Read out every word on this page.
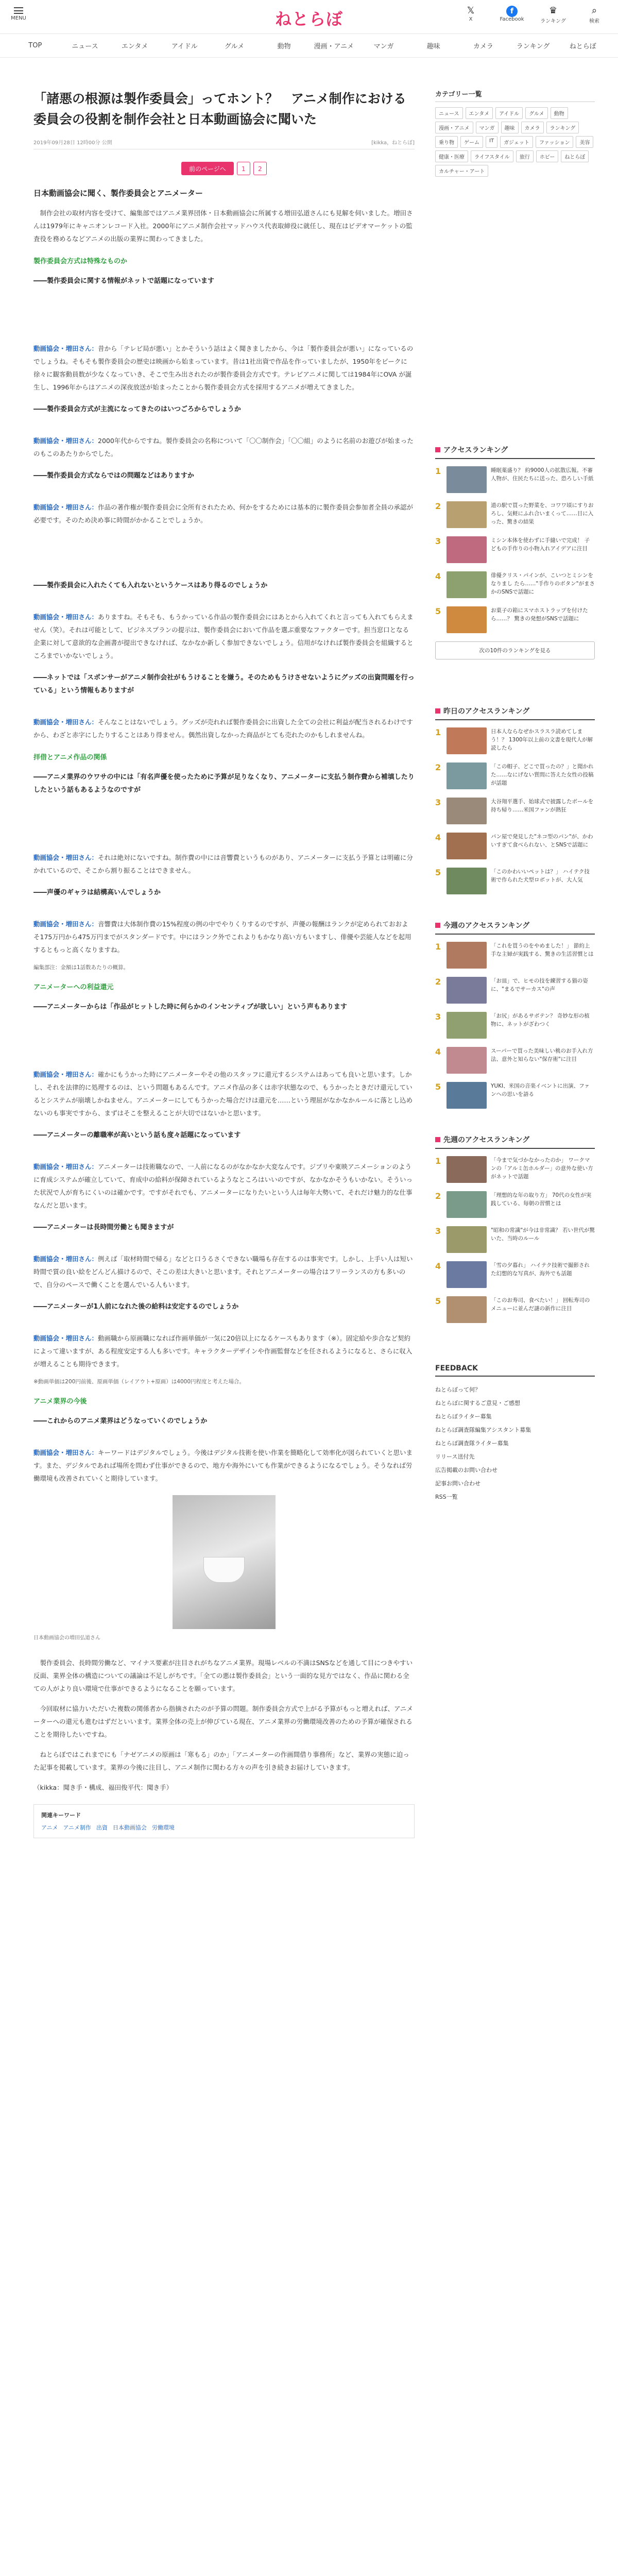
MENU	ねとらぼ	𝕏
X
f
Facebook
♛
ランキング
⌕
検索
TOP	ニュース	エンタメ	アイドル	グルメ	動物	漫画・アニメ	マンガ	趣味	カメラ	ランキング	ねとらぼ
「諸悪の根源は製作委員会」ってホント？　アニメ制作における委員会の役割を制作会社と日本動画協会に聞いた
2019年09月28日 12時00分 公開	[kikka，ねとらぼ]
前のページへ	1	2
日本動画協会に聞く、製作委員会とアニメーター

　制作会社の取材内容を受けて、編集部ではアニメ業界団体・日本動画協会に所属する増田弘道さんにも見解を伺いました。増田さんは1979年にキャニオンレコード入社。2000年にアニメ制作会社マッドハウス代表取締役に就任し、現在はビデオマーケットの監査役を務めるなどアニメの出版の業界に関わってきました。

製作委員会方式は特殊なものか
――製作委員会に関する情報がネットで話題になっています

動画協会・増田さん：昔から「テレビ局が悪い」とかそういう話はよく聞きましたから、今は「製作委員会が悪い」になっているのでしょうね。そもそも製作委員会の歴史は映画から始まっています。昔は1社出資で作品を作っていましたが、1950年をピークに徐々に観客動員数が少なくなっていき、そこで生み出されたのが製作委員会方式です。テレビアニメに関しては1984年にOVA が誕生し、1996年からはアニメの深夜放送が始まったことから製作委員会方式を採用するアニメが増えてきました。

――製作委員会方式が主流になってきたのはいつごろからでしょうか

動画協会・増田さん：2000年代からですね。製作委員会の名称について「〇〇制作会」「〇〇組」のように名前のお遊びが始まったのもこのあたりからでした。

――製作委員会方式ならではの問題などはありますか

動画協会・増田さん：作品の著作権が製作委員会に全所有されたため、何かをするためには基本的に製作委員会参加者全員の承認が必要です。そのため決め事に時間がかかることでしょうか。

――製作委員会に入れたくても入れないというケースはあり得るのでしょうか

動画協会・増田さん：ありますね。そもそも、もうかっている作品の製作委員会にはあとから入れてくれと言っても入れてもらえません（笑）。それは可能として、ビジネスプランの提示は、製作委員会において作品を選ぶ重要なファクターです。担当窓口となる企業に対して意欲的な企画書が提出できなければ、なかなか新しく参加できないでしょう。信用がなければ製作委員会を組織するところまでいかないでしょう。

――ネットでは「スポンサーがアニメ制作会社がもうけることを嫌う。そのためもうけさせないようにグッズの出資問題を行っている」という情報もありますが

動画協会・増田さん：そんなことはないでしょう。グッズが売れれば製作委員会に出資した全ての会社に利益が配当されるわけですから、わざと赤字にしたりすることはあり得ません。偶然出資しなかった商品がとても売れたのかもしれませんね。

拝借とアニメ作品の関係
――アニメ業界のウワサの中には「有名声優を使ったために予算が足りなくなり、アニメーターに支払う制作費から補填したりしたという話もあるようなのですが

動画協会・増田さん：それは絶対にないですね。制作費の中には音響費というものがあり、アニメーターに支払う予算とは明確に分かれているので、そこから割り振ることはできません。

――声優のギャラは結構高いんでしょうか

動画協会・増田さん：音響費は大体制作費の15%程度の例の中でやりくりするのですが、声優の報酬はランクが定められておおよそ175万円から475万円までがスタンダードです。中にはランク外でこれよりもかなり高い方もいますし、俳優や芸能人などを起用するともっと高くなりますね。

編集部注：金額は1話数あたりの概算。
アニメーターへの利益還元
――アニメーターからは「作品がヒットした時に何らかのインセンティブが欲しい」という声もあります

動画協会・増田さん：確かにもうかった時にアニメーターやその他のスタッフに還元するシステムはあっても良いと思います。しかし、それを法律的に処理するのは、という問題もあるんです。アニメ作品の多くは赤字状態なので、もうかったときだけ還元しているとシステムが崩壊しかねません。アニメーターにしてもうかった場合だけは還元を……という理屈がなかなかルールに落とし込めないのも事実ですから、まずはそこを整えることが大切ではないかと思います。

――アニメーターの離職率が高いという話も度々話題になっています

動画協会・増田さん：アニメーターは技術職なので、一人前になるのがなかなか大変なんです。ジブリや東映アニメーションのように育成システムが確立していて、育成中の給料が保障されているようなところはいいのですが、なかなかそうもいかない。そういった状況で人が育ちにくいのは確かです。ですがそれでも、アニメーターになりたいという人は毎年大勢いて、それだけ魅力的な仕事なんだと思います。

――アニメーターは長時間労働とも聞きますが

動画協会・増田さん：例えば「取材時間で帰る」などと口うるさくできない職場も存在するのは事実です。しかし、上手い人は短い時間で質の良い絵をどんどん描けるので、そこの差は大きいと思います。それとアニメーターの場合はフリーランスの方も多いので、自分のペースで働くことを選んでいる人もいます。

――アニメーターが1人前になれた後の給料は安定するのでしょうか

動画協会・増田さん：動画職から原画職になれば作画単価が一気に20倍以上になるケースもあります（※）。固定給や歩合など契約によって違いますが、ある程度安定する人も多いです。キャラクターデザインや作画監督などを任されるようになると、さらに収入が増えることも期待できます。

※動画単価は200円前後、原画単価（レイアウト+原画）は4000円程度と考えた場合。
アニメ業界の今後
――これからのアニメ業界はどうなっていくのでしょうか

動画協会・増田さん：キーワードはデジタルでしょう。今後はデジタル技術を使い作業を簡略化して効率化が図られていくと思います。また、デジタルであれば場所を問わず仕事ができるので、地方や海外にいても作業ができるようになるでしょう。そうなれば労働環境も改善されていくと期待しています。

日本動画協会の増田弘道さん

　製作委員会、長時間労働など、マイナス要素が注目されがちなアニメ業界。現場レベルの不満はSNSなどを通して目につきやすい反面、業界全体の構造についての議論は不足しがちです。「全ての悪は製作委員会」という一面的な見方ではなく、作品に関わる全ての人がより良い環境で仕事ができるようになることを願っています。

　今回取材に協力いただいた複数の関係者から指摘されたのが予算の問題。制作委員会方式で上がる予算がもっと増えれば、アニメーターへの還元も進むはずだといいます。業界全体の売上が伸びている現在、アニメ業界の労働環境改善のための予算が確保されることを期待したいですね。

　ねとらぼではこれまでにも「ナゼアニメの原画は「寒もる」のか」「アニメーターの作画間借り事務所」など、業界の実態に迫った記事を掲載しています。業界の今後に注目し、アニメ制作に関わる方々の声を引き続きお届けしていきます。

（kikka：聞き手・構成、福田俊平代：聞き手）

関連キーワード
アニメ アニメ制作 出資 日本動画協会 労働環境
カテゴリー一覧
ニュース	エンタメ	アイドル	グルメ	動物
漫画・アニメ	マンガ	趣味	カメラ	ランキング
乗り物	ゲーム	IT	ガジェット	ファッション	美容
健康・医療	ライフスタイル	旅行	ホビー	ねとらぼ
カルチャー・アート
アクセスランキング
1	睡眠薬盛り？ 約9000人の拡散広報。不審人物が、住民たちに送った、恐ろしい手紙
2	道の駅で買った野菜を、コワワ頃にすりおろし、気軽にふれ合いまくって……目に入った、驚きの結果
3	ミシン本体を使わずに手縫いで完成！ 子どもの手作りの小物入れアイデアに注目
4	俳優クリス・パインが、こいつとミシンをなりまし たら……"手作りのボタン"がまさかのSNSで話題に
5	お菓子の箱にスマホストラップを付けたら……？ 驚きの発想がSNSで話題に
次の10件のランキングを見る
昨日のアクセスランキング
1	日本人ならなぜかスラスラ読めてしまう！？ 1300年以上前の文書を現代人が解読したら
2	「この帽子、どこで買ったの？」と聞かれた……なにげない質問に答えた女性の投稿が話題
3	大谷翔平選手、始球式で披露したボールを持ち帰り……米国ファンが熱狂
4	パン屋で発見した"ネコ型のパン"が、かわいすぎて食べられない、とSNSで話題に
5	「このかわいいペットは？」 ハイテク技術で作られた犬型ロボットが、大人気
今週のアクセスランキング
1	「これを買うのをやめました！」 節約上手な主婦が実践する、驚きの生活習慣とは
2	「お皿」で、ヒモの技を練習する猫の姿に、"まるでサーカス"の声
3	「お尻」があるサボテン？ 奇妙な形の植物に、ネットがざわつく
4	スーパーで買った美味しい桃のお手入れ方法、意外と知らない"保存術"に注目
5	YUKI、米国の音楽イベントに出演、ファンへの思いを語る
先週のアクセスランキング
1	「今まで気づかなかったのか」 ワークマンの「アルミ缶ホルダー」の意外な使い方がネットで話題
2	「理想的な年の取り方」 70代の女性が実践している、毎朝の習慣とは
3	"昭和の常識"が今は非常識？ 若い世代が驚いた、当時のルール
4	「雪の夕暮れ」 ハイテク技術で撮影された幻想的な写真が、海外でも話題
5	「このお寿司、食べたい！」 回転寿司のメニューに並んだ謎の新作に注目
FEEDBACK
ねとらぼって何？
ねとらぼに関するご意見・ご感想
ねとらぼライター募集
ねとらぼ調査隊編集アシスタント募集
ねとらぼ調査隊ライター募集
リリース送付先
広告掲載のお問い合わせ
記事お問い合わせ
RSS一覧
